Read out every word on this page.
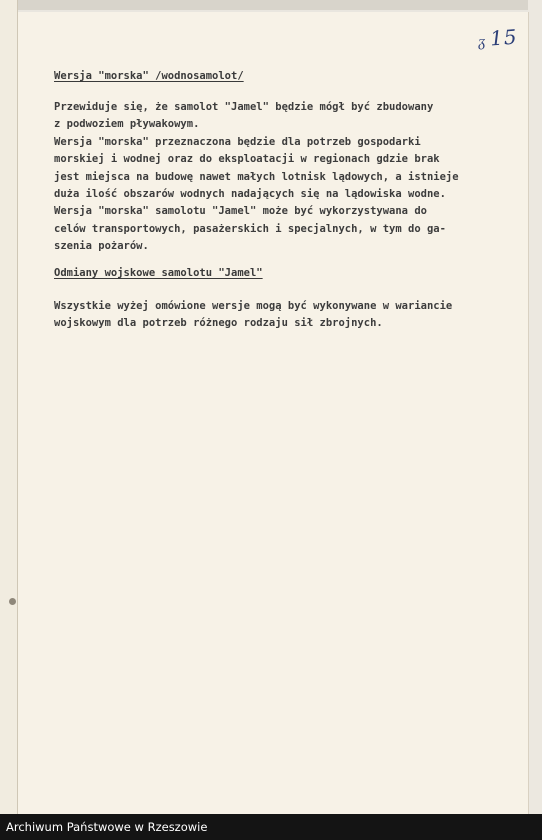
ᵹ 15
Wersja "morska" /wodnosamolot/
Przewiduje się, że samolot "Jamel" będzie mógł być zbudowany
z podwoziem pływakowym.
Wersja "morska" przeznaczona będzie dla potrzeb gospodarki
morskiej i wodnej oraz do eksploatacji w regionach gdzie brak
jest miejsca na budowę nawet małych lotnisk lądowych, a istnieje
duża ilość obszarów wodnych nadających się na lądowiska wodne.
Wersja "morska" samolotu "Jamel" może być wykorzystywana do
celów transportowych, pasażerskich i specjalnych, w tym do ga-
szenia pożarów.
Odmiany wojskowe samolotu "Jamel"
Wszystkie wyżej omówione wersje mogą być wykonywane w wariancie
wojskowym dla potrzeb różnego rodzaju sił zbrojnych.
Archiwum Państwowe w Rzeszowie
